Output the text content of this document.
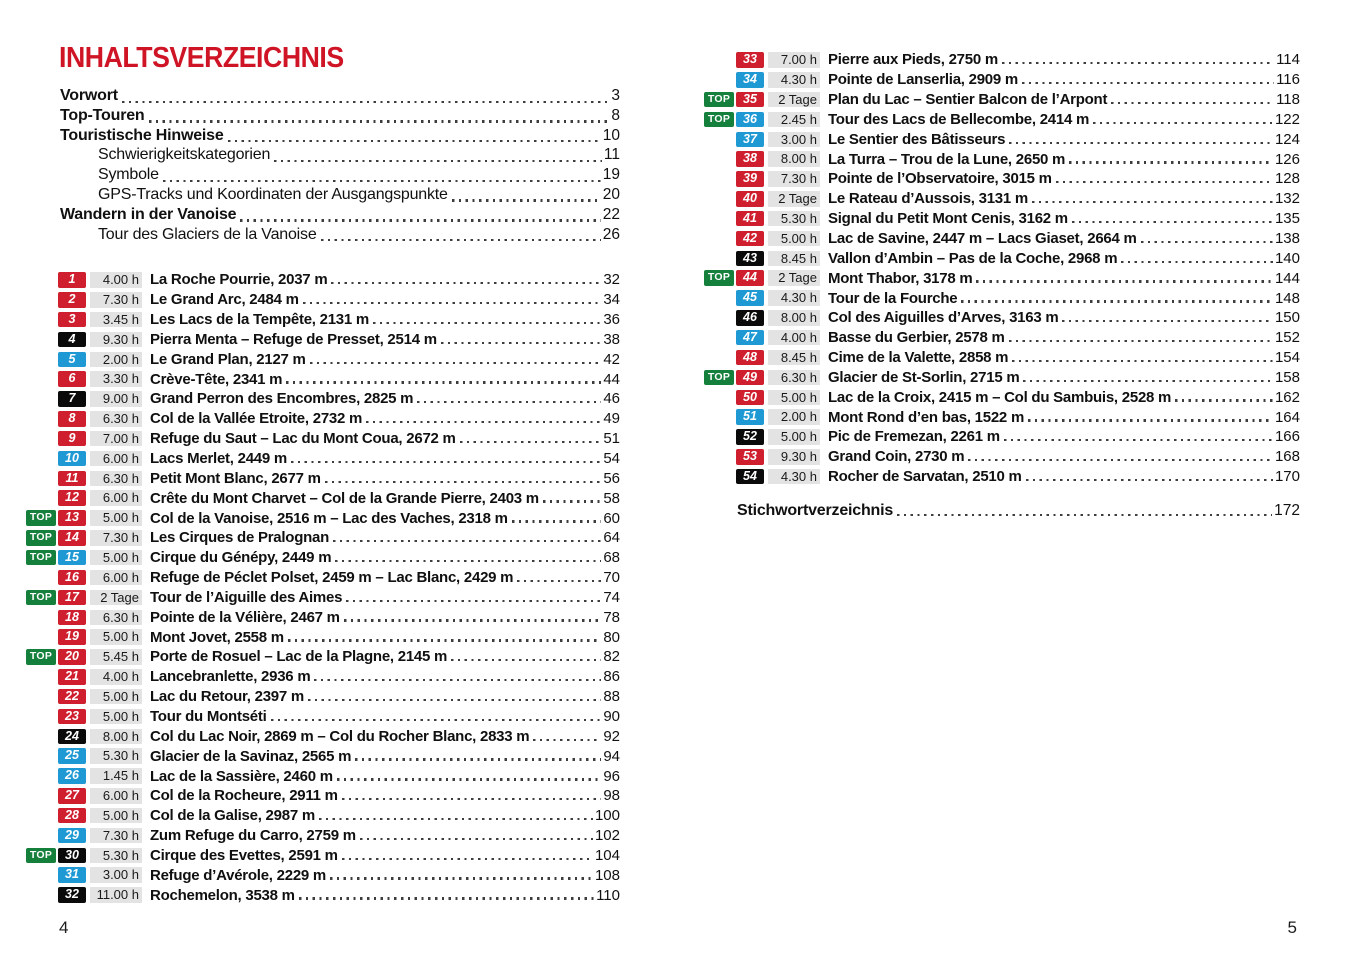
INHALTSVERZEICHNIS
Vorwort	3
Top-Touren	8
Touristische Hinweise	10
Schwierigkeitskategorien	11
Symbole	19
GPS-Tracks und Koordinaten der Ausgangspunkte	20
Wandern in der Vanoise	22
Tour des Glaciers de la Vanoise	26
1	4.00 h La Roche Pourrie, 2037 m	32
2	7.30 h Le Grand Arc, 2484 m	34
3	3.45 h Les Lacs de la Tempête, 2131 m	36
4	9.30 h Pierra Menta – Refuge de Presset, 2514 m	38
5	2.00 h Le Grand Plan, 2127 m	42
6	3.30 h Crève-Tête, 2341 m	44
7	9.00 h Grand Perron des Encombres, 2825 m	46
8	6.30 h Col de la Vallée Etroite, 2732 m	49
9	7.00 h Refuge du Saut – Lac du Mont Coua, 2672 m	51
10	6.00 h Lacs Merlet, 2449 m	54
11	6.30 h Petit Mont Blanc, 2677 m	56
12	6.00 h Crête du Mont Charvet – Col de la Grande Pierre, 2403 m	58
TOP	13	5.00 h Col de la Vanoise, 2516 m – Lac des Vaches, 2318 m	60
TOP	14	7.30 h Les Cirques de Pralognan	64
TOP	15	5.00 h Cirque du Génépy, 2449 m	68
16	6.00 h Refuge de Péclet Polset, 2459 m – Lac Blanc, 2429 m	70
TOP	17	2 Tage Tour de l’Aiguille des Aimes	74
18	6.30 h Pointe de la Vélière, 2467 m	78
19	5.00 h Mont Jovet, 2558 m	80
TOP	20	5.45 h Porte de Rosuel – Lac de la Plagne, 2145 m	82
21	4.00 h Lancebranlette, 2936 m	86
22	5.00 h Lac du Retour, 2397 m	88
23	5.00 h Tour du Montséti	90
24	8.00 h Col du Lac Noir, 2869 m – Col du Rocher Blanc, 2833 m	92
25	5.30 h Glacier de la Savinaz, 2565 m	94
26	1.45 h Lac de la Sassière, 2460 m	96
27	6.00 h Col de la Rocheure, 2911 m	98
28	5.00 h Col de la Galise, 2987 m	100
29	7.30 h Zum Refuge du Carro, 2759 m	102
TOP	30	5.30 h Cirque des Evettes, 2591 m	104
31	3.00 h Refuge d’Avérole, 2229 m	108
32	11.00 h Rochemelon, 3538 m	110
33	7.00 h Pierre aux Pieds, 2750 m	114
34	4.30 h Pointe de Lanserlia, 2909 m	116
TOP	35	2 Tage Plan du Lac – Sentier Balcon de l’Arpont	118
TOP	36	2.45 h Tour des Lacs de Bellecombe, 2414 m	122
37	3.00 h Le Sentier des Bâtisseurs	124
38	8.00 h La Turra – Trou de la Lune, 2650 m	126
39	7.30 h Pointe de l’Observatoire, 3015 m	128
40	2 Tage Le Rateau d’Aussois, 3131 m	132
41	5.30 h Signal du Petit Mont Cenis, 3162 m	135
42	5.00 h Lac de Savine, 2447 m – Lacs Giaset, 2664 m	138
43	8.45 h Vallon d’Ambin – Pas de la Coche, 2968 m	140
TOP	44	2 Tage Mont Thabor, 3178 m	144
45	4.30 h Tour de la Fourche	148
46	8.00 h Col des Aiguilles d’Arves, 3163 m	150
47	4.00 h Basse du Gerbier, 2578 m	152
48	8.45 h Cime de la Valette, 2858 m	154
TOP	49	6.30 h Glacier de St-Sorlin, 2715 m	158
50	5.00 h Lac de la Croix, 2415 m – Col du Sambuis, 2528 m	162
51	2.00 h Mont Rond d’en bas, 1522 m	164
52	5.00 h Pic de Fremezan, 2261 m	166
53	9.30 h Grand Coin, 2730 m	168
54	4.30 h Rocher de Sarvatan, 2510 m	170
Stichwortverzeichnis	172
4	5
